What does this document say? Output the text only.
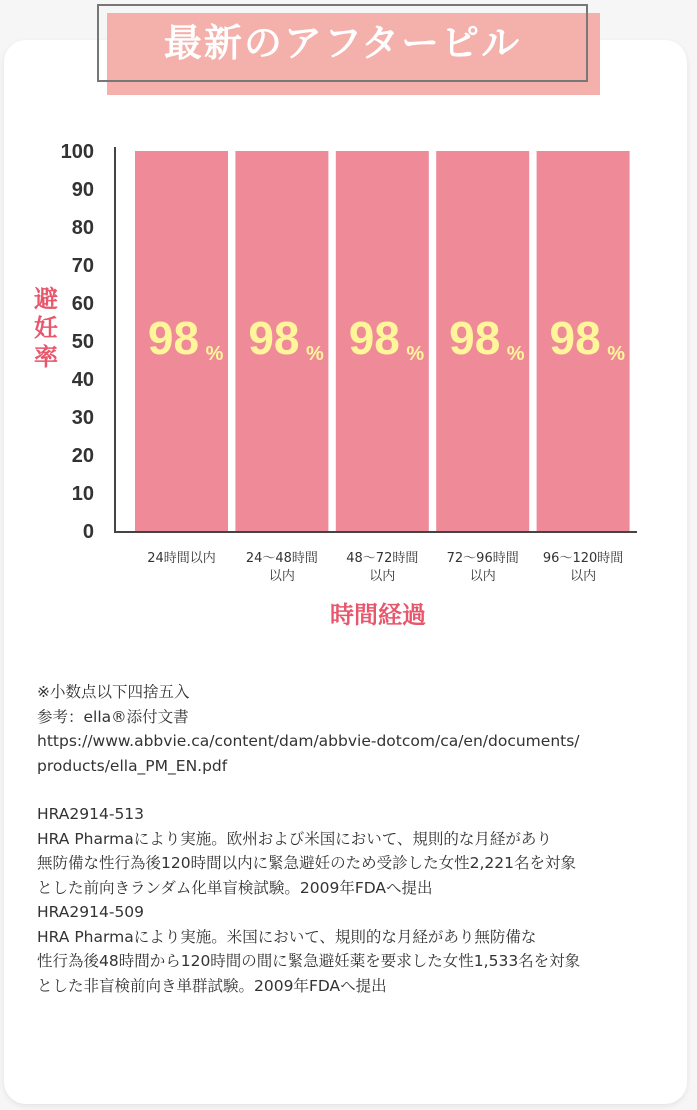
最新のアフターピル
0
10
20
30
40
50
60
70
80
90
100
避
妊
率 98 %
24時間以内
98 %
24〜48時間
以内
98 %
48〜72時間
以内
98 %
72〜96時間
以内
98 %
96〜120時間
以内
時間経過

※小数点以下四捨五入

参考：ella®添付文書

https://www.abbvie.ca/content/dam/abbvie-dotcom/ca/en/documents/

products/ella_PM_EN.pdf

HRA2914-513

HRA Pharmaにより実施。欧州および米国において、規則的な月経があり

無防備な性行為後120時間以内に緊急避妊のため受診した女性2,221名を対象

とした前向きランダム化単盲検試験。2009年FDAへ提出

HRA2914-509

HRA Pharmaにより実施。米国において、規則的な月経があり無防備な

性行為後48時間から120時間の間に緊急避妊薬を要求した女性1,533名を対象

とした非盲検前向き単群試験。2009年FDAへ提出
